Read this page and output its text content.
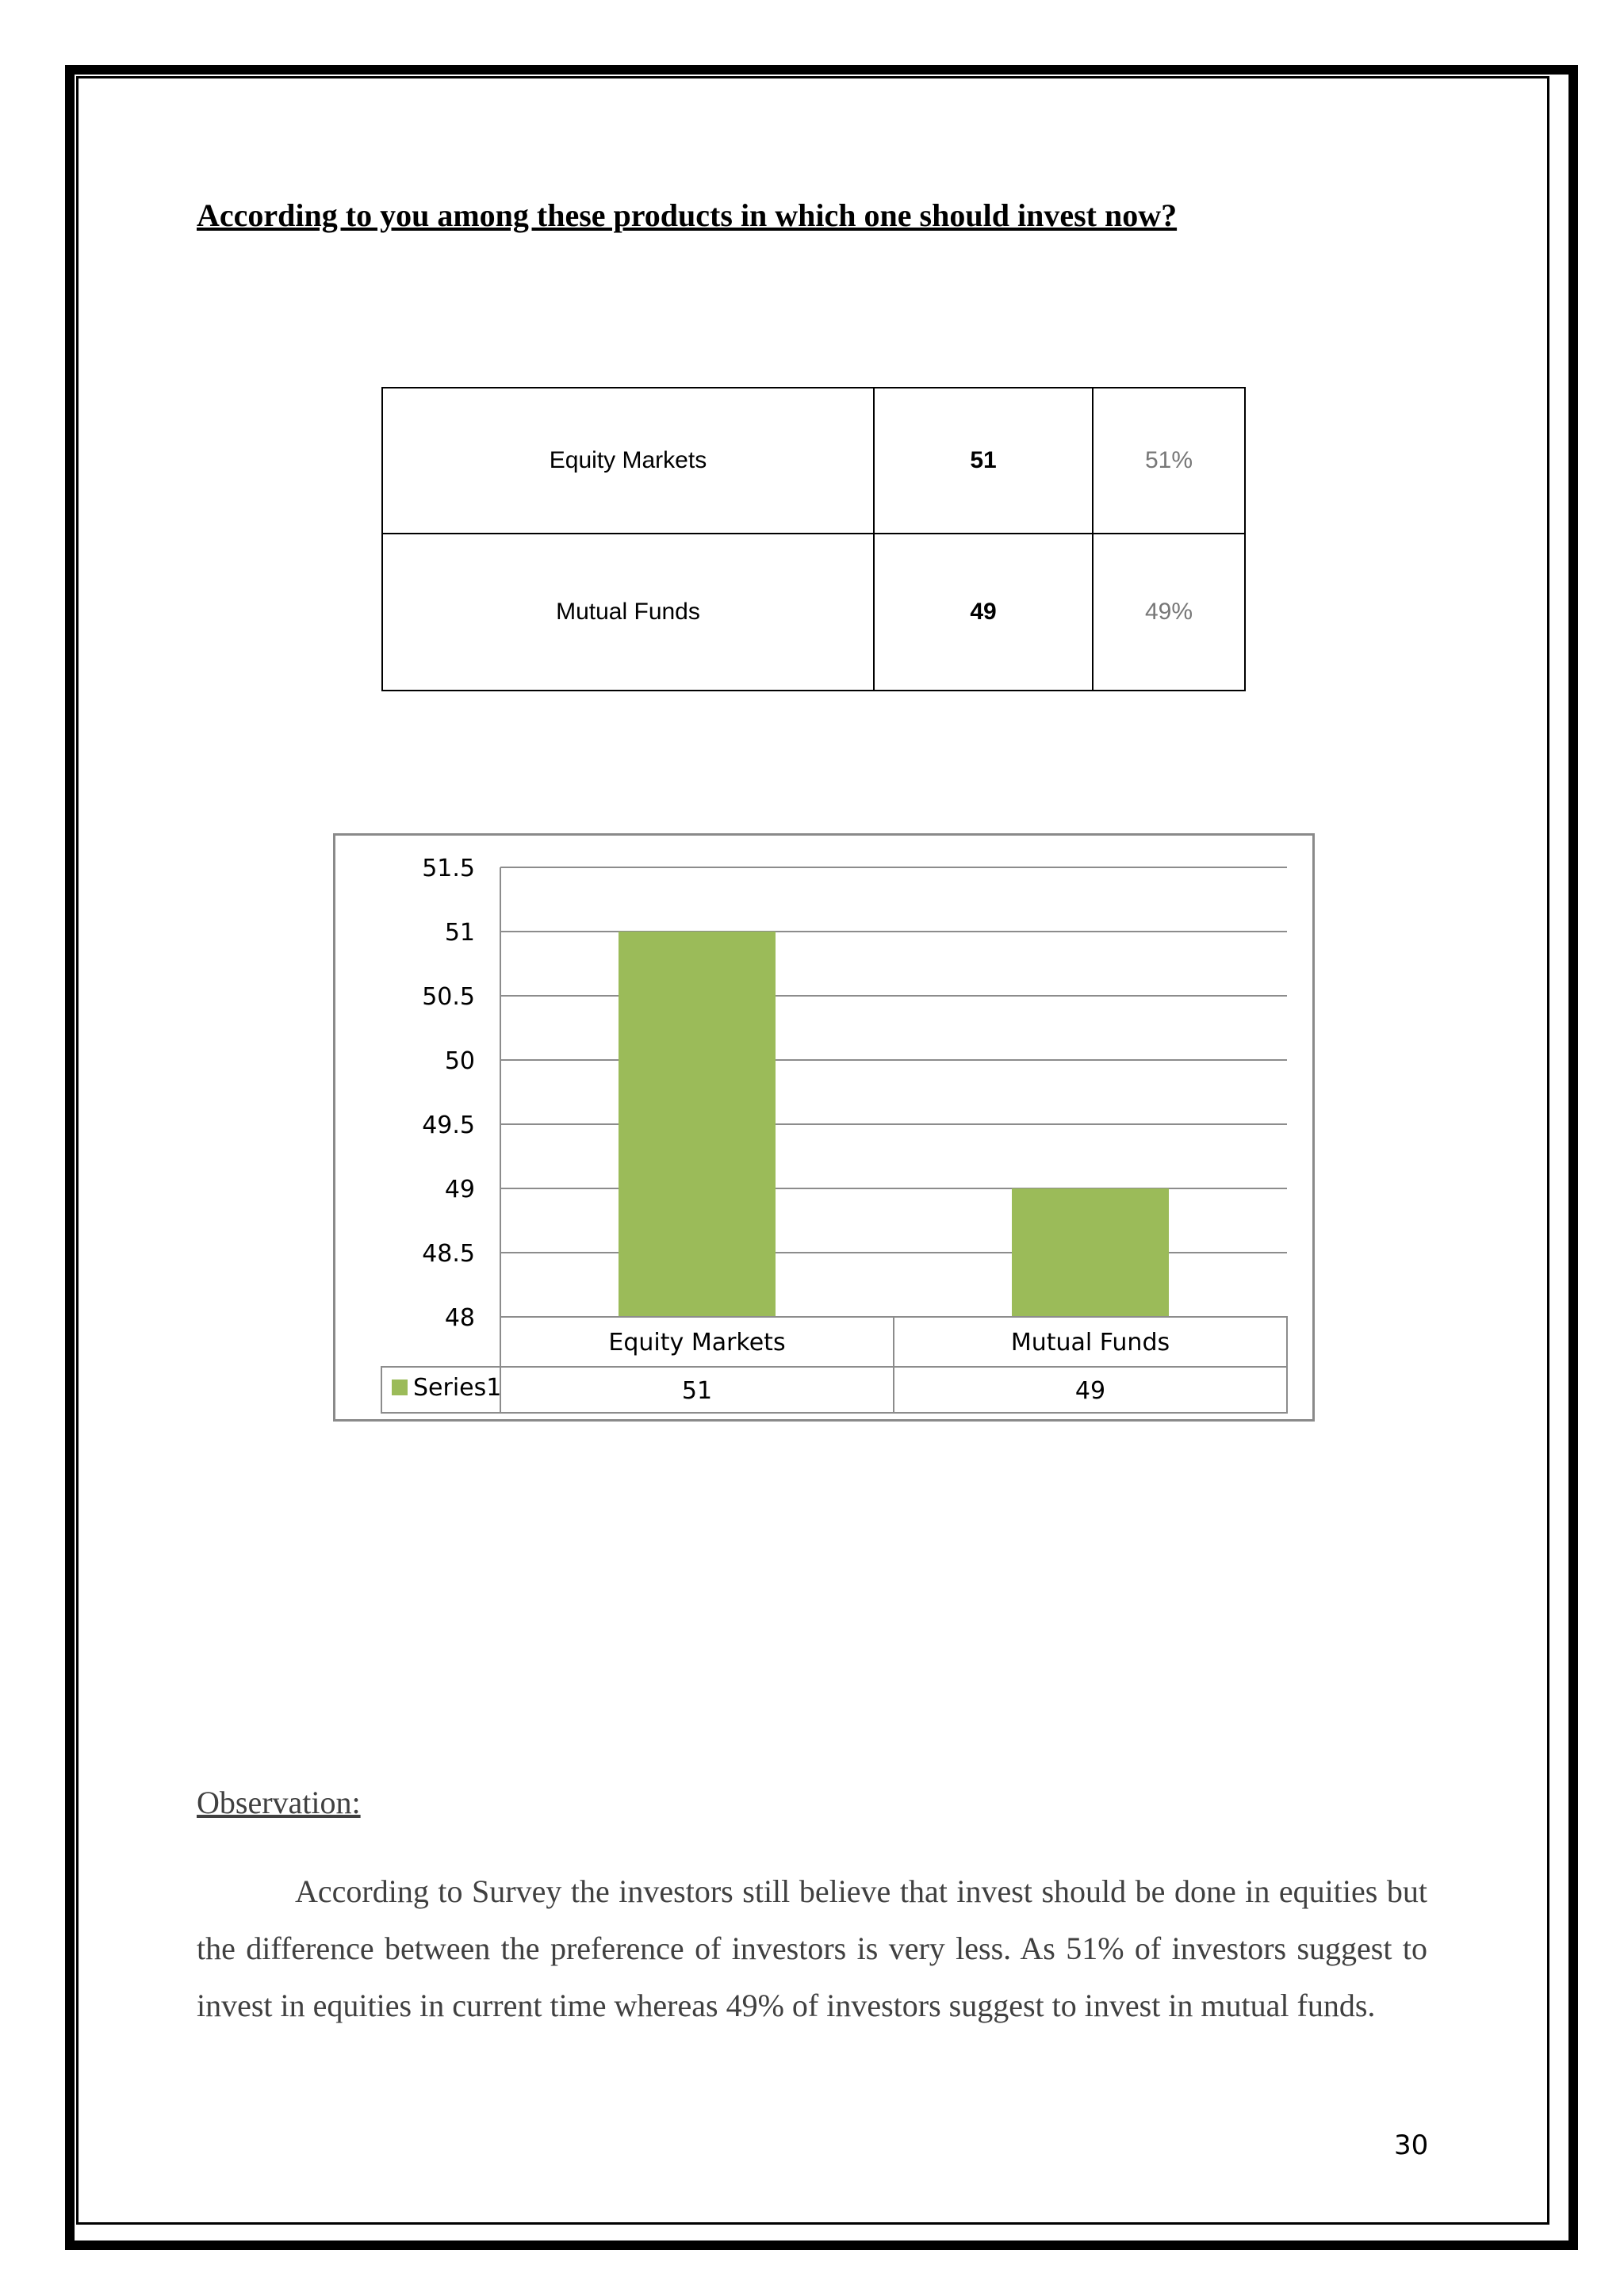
According to you among these products in which one should invest now?
Equity Markets	51	51%
Mutual Funds	49	49%
51.5
51
50.5
50
49.5
49
48.5
48
Equity Markets	Mutual Funds
Series1	51	49
Observation:

According to Survey the investors still believe that invest should be done in equities but the difference between the preference of investors is very less. As 51% of investors suggest to invest in equities in current time whereas 49% of investors suggest to invest in mutual funds.

30
